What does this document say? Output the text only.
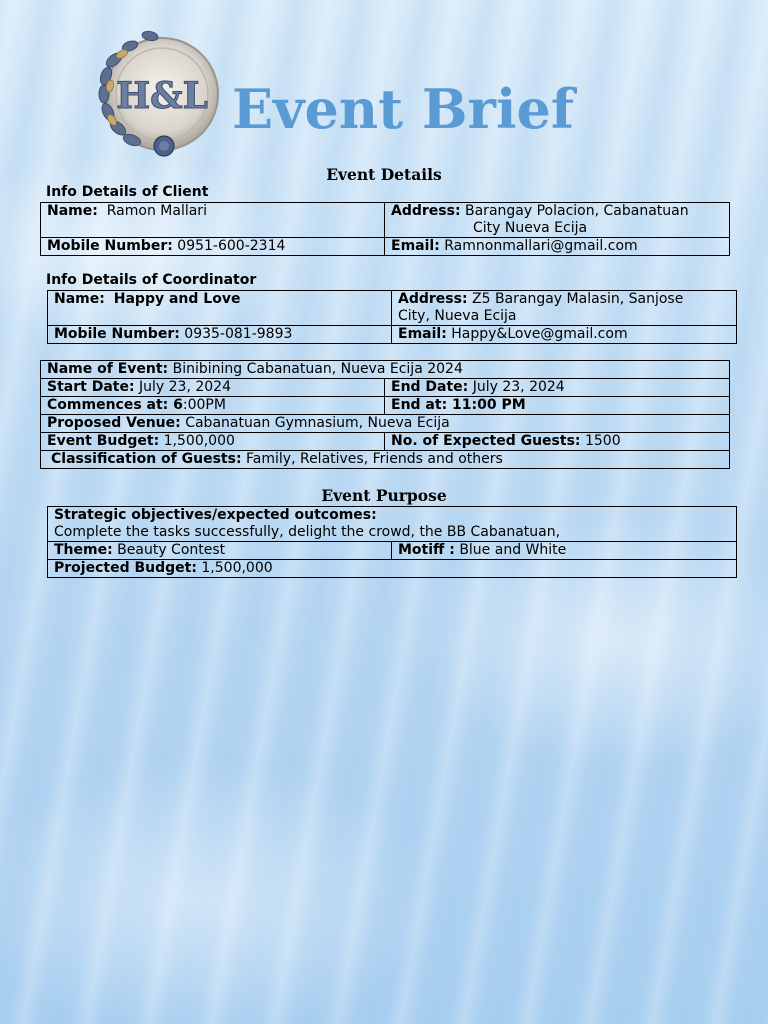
H&L Event Brief
Event Details
Info Details of Client
Name: Ramon Mallari	Address: Barangay Polacion, Cabanatuan
City Nueva Ecija

Mobile Number: 0951-600-2314	Email: Ramnonmallari@gmail.com
Info Details of Coordinator
Name: Happy and Love	Address: Z5 Barangay Malasin, Sanjose
City, Nueva Ecija
Mobile Number: 0935-081-9893	Email: Happy&Love@gmail.com
Name of Event: Binibining Cabanatuan, Nueva Ecija 2024	
Start Date: July 23, 2024	End Date: July 23, 2024
Commences at: 6:00PM	End at: 11:00 PM
Proposed Venue: Cabanatuan Gymnasium, Nueva Ecija	
Event Budget: 1,500,000	No. of Expected Guests: 1500
Classification of Guests: Family, Relatives, Friends and others	
Event Purpose
Strategic objectives/expected outcomes:
Complete the tasks successfully, delight the crowd, the BB Cabanatuan,
Theme: Beauty Contest	Motiff : Blue and White
Projected Budget: 1,500,000
